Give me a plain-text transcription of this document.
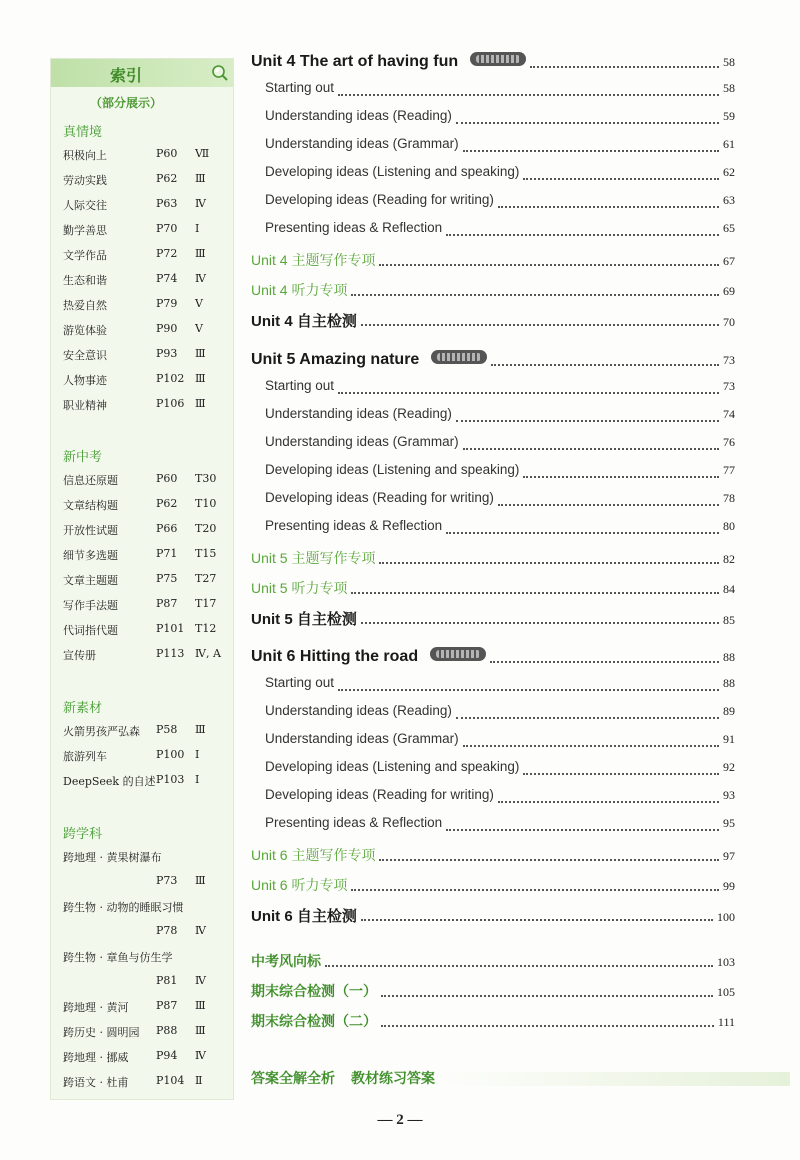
索引
（部分展示）
真情境
积极向上	P60 Ⅶ
劳动实践	P62 Ⅲ
人际交往	P63 Ⅳ
勤学善思	P70 Ⅰ
文学作品	P72 Ⅲ
生态和谐	P74 Ⅳ
热爱自然	P79 Ⅴ
游览体验	P90 Ⅴ
安全意识	P93 Ⅲ
人物事迹	P102 Ⅲ
职业精神	P106 Ⅲ
新中考
信息还原题	P60 T30
文章结构题	P62 T10
开放性试题	P66 T20
细节多选题	P71 T15
文章主题题	P75 T27
写作手法题	P87 T17
代词指代题	P101 T12
宣传册	P113 Ⅳ, A
新素材
火箭男孩严弘森 P58 Ⅲ
旅游列车	P100 Ⅰ
DeepSeek 的自述 P103 Ⅰ
跨学科
跨地理 · 黄果树瀑布
P73 Ⅲ
跨生物 · 动物的睡眠习惯
P78 Ⅳ
跨生物 · 章鱼与仿生学
P81 Ⅳ
跨地理 · 黄河	P87 Ⅲ
跨历史 · 圆明园 P88 Ⅲ
跨地理 · 挪威	P94 Ⅳ
跨语文 · 杜甫	P104 Ⅱ
Unit 4 The art of having fun	58
Starting out	58
Understanding ideas (Reading)	59
Understanding ideas (Grammar)	61
Developing ideas (Listening and speaking)	62
Developing ideas (Reading for writing)	63
Presenting ideas & Reflection	65
Unit 4 主题写作专项	67
Unit 4 听力专项	69
Unit 4 自主检测	70
Unit 5 Amazing nature	73
Starting out	73
Understanding ideas (Reading)	74
Understanding ideas (Grammar)	76
Developing ideas (Listening and speaking)	77
Developing ideas (Reading for writing)	78
Presenting ideas & Reflection	80
Unit 5 主题写作专项	82
Unit 5 听力专项	84
Unit 5 自主检测	85
Unit 6 Hitting the road	88
Starting out	88
Understanding ideas (Reading)	89
Understanding ideas (Grammar)	91
Developing ideas (Listening and speaking)	92
Developing ideas (Reading for writing)	93
Presenting ideas & Reflection	95
Unit 6 主题写作专项	97
Unit 6 听力专项	99
Unit 6 自主检测	100
中考风向标	103
期末综合检测（一）	105
期末综合检测（二）	111
答案全解全析 教材练习答案
— 2 —
